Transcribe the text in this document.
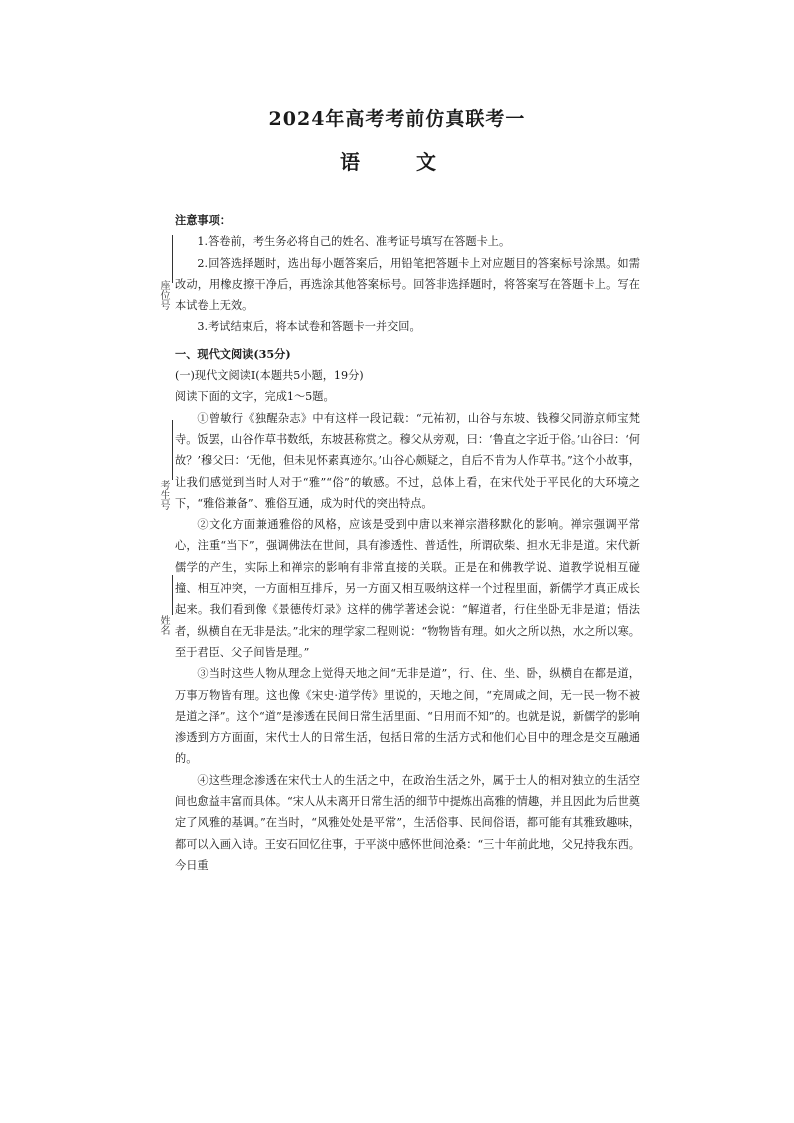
2024年高考考前仿真联考一
语　文
座位号
考生号
姓名

注意事项：

1.答卷前，考生务必将自己的姓名、准考证号填写在答题卡上。

2.回答选择题时，选出每小题答案后，用铅笔把答题卡上对应题目的答案标号涂黑。如需改动，用橡皮擦干净后，再选涂其他答案标号。回答非选择题时，将答案写在答题卡上。写在本试卷上无效。

3.考试结束后，将本试卷和答题卡一并交回。

一、现代文阅读(35分)

(一)现代文阅读Ⅰ(本题共5小题，19分)

阅读下面的文字，完成1～5题。

①曾敏行《独醒杂志》中有这样一段记载：“元祐初，山谷与东坡、钱穆父同游京师宝梵寺。饭罢，山谷作草书数纸，东坡甚称赏之。穆父从旁观，曰：‘鲁直之字近于俗。’山谷曰：‘何故？’穆父曰：‘无他，但未见怀素真迹尔。’山谷心颇疑之，自后不肯为人作草书。”这个小故事，让我们感觉到当时人对于“雅”“俗”的敏感。不过，总体上看，在宋代处于平民化的大环境之下，“雅俗兼备”、雅俗互通，成为时代的突出特点。

②文化方面兼通雅俗的风格，应该是受到中唐以来禅宗潜移默化的影响。禅宗强调平常心，注重“当下”，强调佛法在世间，具有渗透性、普适性，所谓砍柴、担水无非是道。宋代新儒学的产生，实际上和禅宗的影响有非常直接的关联。正是在和佛教学说、道教学说相互碰撞、相互冲突，一方面相互排斥，另一方面又相互吸纳这样一个过程里面，新儒学才真正成长起来。我们看到像《景德传灯录》这样的佛学著述会说：“解道者，行住坐卧无非是道；悟法者，纵横自在无非是法。”北宋的理学家二程则说：“物物皆有理。如火之所以热，水之所以寒。至于君臣、父子间皆是理。”

③当时这些人物从理念上觉得天地之间“无非是道”，行、住、坐、卧，纵横自在都是道，万事万物皆有理。这也像《宋史·道学传》里说的，天地之间，“充周咸之间，无一民一物不被是道之泽”。这个“道”是渗透在民间日常生活里面、“日用而不知”的。也就是说，新儒学的影响渗透到方方面面，宋代士人的日常生活，包括日常的生活方式和他们心目中的理念是交互融通的。

④这些理念渗透在宋代士人的生活之中，在政治生活之外，属于士人的相对独立的生活空间也愈益丰富而具体。“宋人从未离开日常生活的细节中提炼出高雅的情趣，并且因此为后世奠定了风雅的基调。”在当时，“风雅处处是平常”，生活俗事、民间俗语，都可能有其雅致趣味，都可以入画入诗。王安石回忆往事，于平淡中感怀世间沧桑：“三十年前此地，父兄持我东西。今日重
